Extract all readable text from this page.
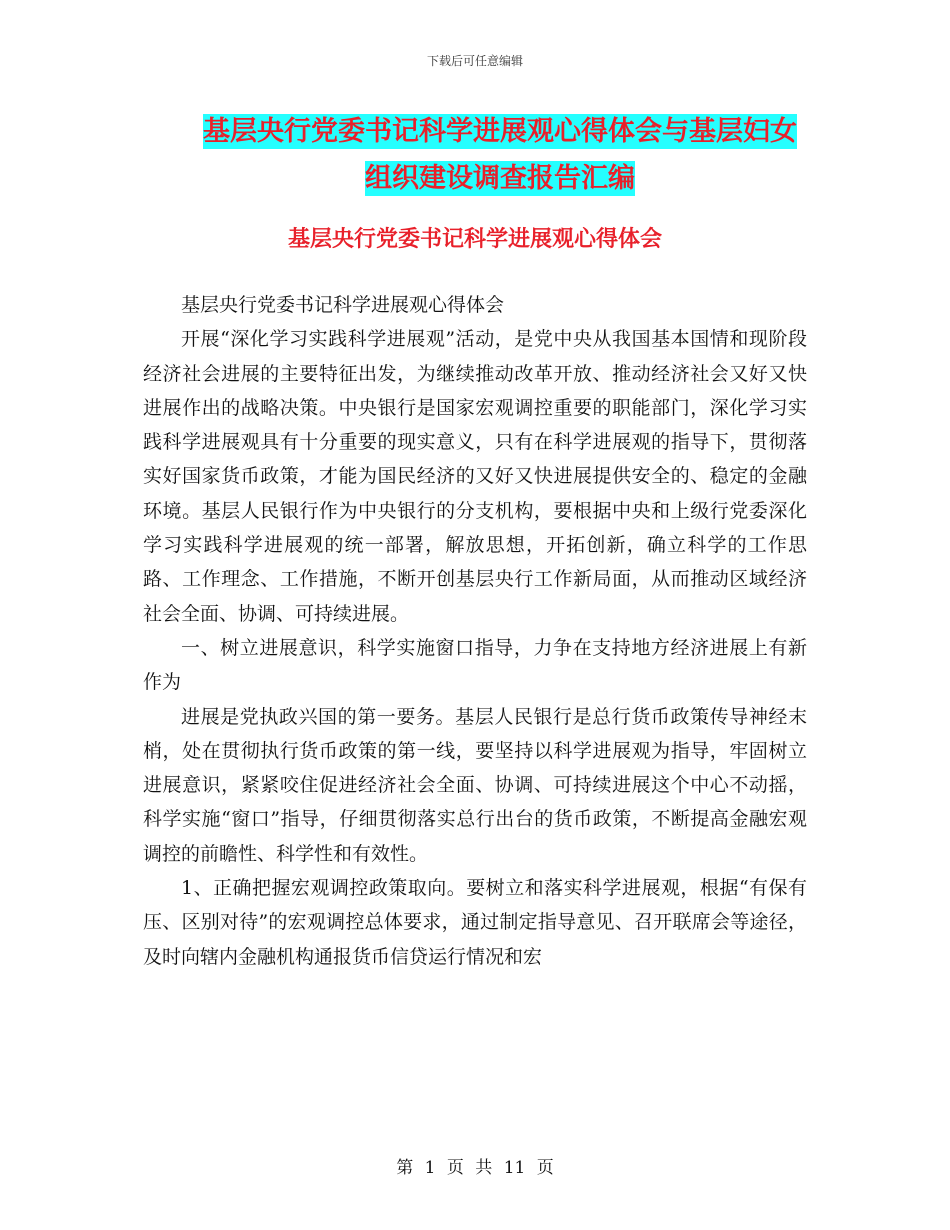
下载后可任意编辑
基层央行党委书记科学进展观心得体会与基层妇女组织建设调查报告汇编
基层央行党委书记科学进展观心得体会

基层央行党委书记科学进展观心得体会

开展“深化学习实践科学进展观”活动，是党中央从我国基本国情和现阶段经济社会进展的主要特征出发，为继续推动改革开放、推动经济社会又好又快进展作出的战略决策。中央银行是国家宏观调控重要的职能部门，深化学习实践科学进展观具有十分重要的现实意义，只有在科学进展观的指导下，贯彻落实好国家货币政策，才能为国民经济的又好又快进展提供安全的、稳定的金融环境。基层人民银行作为中央银行的分支机构，要根据中央和上级行党委深化学习实践科学进展观的统一部署，解放思想，开拓创新，确立科学的工作思路、工作理念、工作措施，不断开创基层央行工作新局面，从而推动区域经济社会全面、协调、可持续进展。

一、树立进展意识，科学实施窗口指导，力争在支持地方经济进展上有新作为

进展是党执政兴国的第一要务。基层人民银行是总行货币政策传导神经末梢，处在贯彻执行货币政策的第一线，要坚持以科学进展观为指导，牢固树立进展意识，紧紧咬住促进经济社会全面、协调、可持续进展这个中心不动摇，科学实施“窗口”指导，仔细贯彻落实总行出台的货币政策，不断提高金融宏观调控的前瞻性、科学性和有效性。

1、正确把握宏观调控政策取向。要树立和落实科学进展观，根据“有保有压、区别对待”的宏观调控总体要求，通过制定指导意见、召开联席会等途径，及时向辖内金融机构通报货币信贷运行情况和宏

第 1 页 共 11 页
